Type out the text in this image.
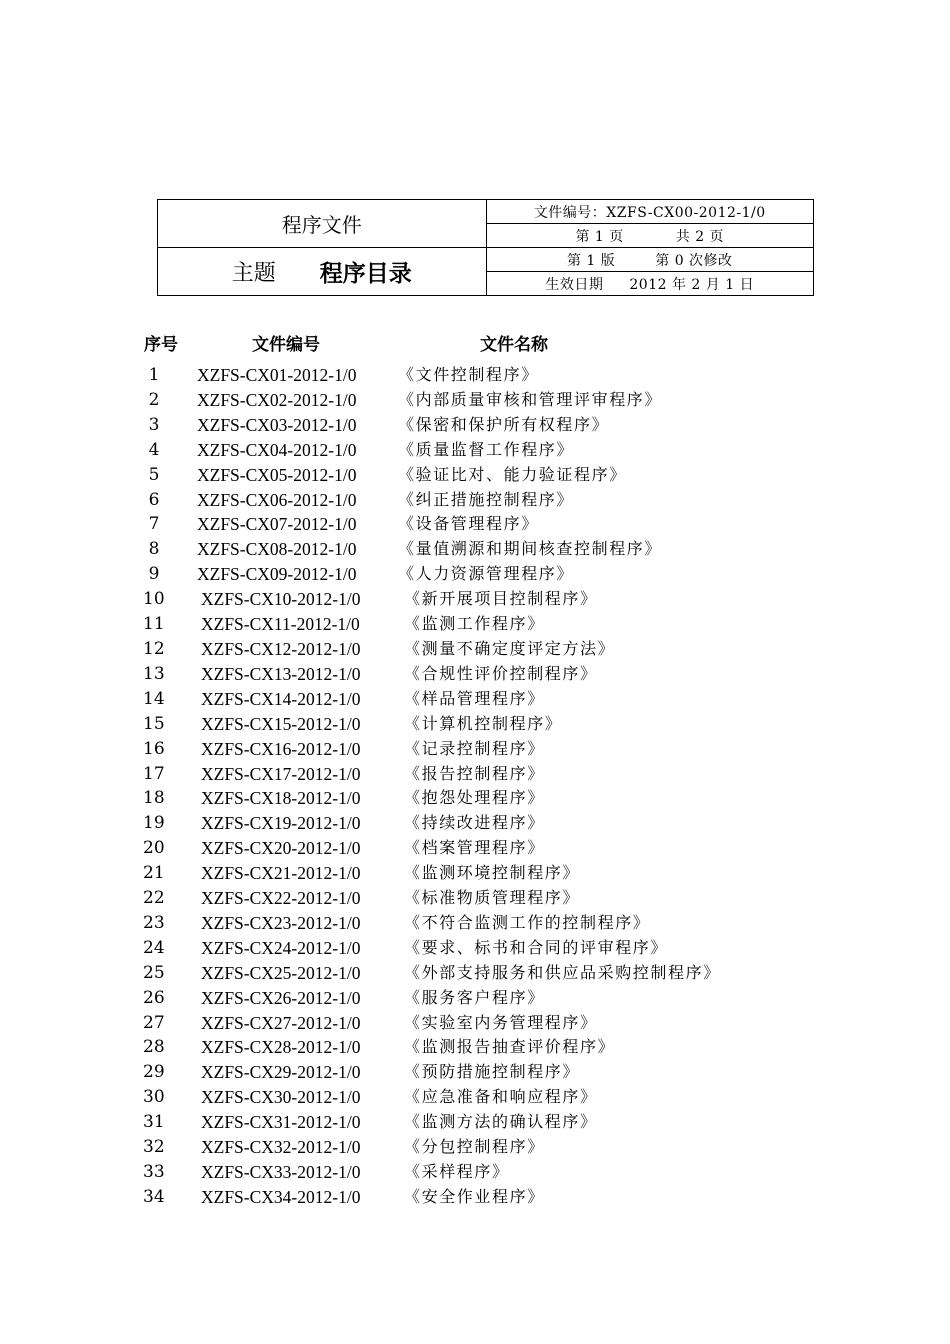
程序文件	文件编号：XZFS-CX00-2012-1/0

	第 1 页 共 2 页

主题 程序目录	第 1 版 第 0 次修改

	生效日期 2012 年 2 月 1 日
序号	文件编号	文件名称
1	XZFS-CX01-2012-1/0	《文件控制程序》
2	XZFS-CX02-2012-1/0	《内部质量审核和管理评审程序》
3	XZFS-CX03-2012-1/0	《保密和保护所有权程序》
4	XZFS-CX04-2012-1/0	《质量监督工作程序》
5	XZFS-CX05-2012-1/0	《验证比对、能力验证程序》
6	XZFS-CX06-2012-1/0	《纠正措施控制程序》
7	XZFS-CX07-2012-1/0	《设备管理程序》
8	XZFS-CX08-2012-1/0	《量值溯源和期间核查控制程序》
9	XZFS-CX09-2012-1/0	《人力资源管理程序》
10 XZFS-CX10-2012-1/0	《新开展项目控制程序》
11 XZFS-CX11-2012-1/0	《监测工作程序》
12 XZFS-CX12-2012-1/0	《测量不确定度评定方法》
13 XZFS-CX13-2012-1/0	《合规性评价控制程序》
14 XZFS-CX14-2012-1/0	《样品管理程序》
15 XZFS-CX15-2012-1/0	《计算机控制程序》
16 XZFS-CX16-2012-1/0	《记录控制程序》
17 XZFS-CX17-2012-1/0	《报告控制程序》
18 XZFS-CX18-2012-1/0	《抱怨处理程序》
19 XZFS-CX19-2012-1/0	《持续改进程序》
20 XZFS-CX20-2012-1/0	《档案管理程序》
21 XZFS-CX21-2012-1/0	《监测环境控制程序》
22 XZFS-CX22-2012-1/0	《标准物质管理程序》
23 XZFS-CX23-2012-1/0	《不符合监测工作的控制程序》
24 XZFS-CX24-2012-1/0	《要求、标书和合同的评审程序》
25 XZFS-CX25-2012-1/0	《外部支持服务和供应品采购控制程序》
26 XZFS-CX26-2012-1/0	《服务客户程序》
27 XZFS-CX27-2012-1/0	《实验室内务管理程序》
28 XZFS-CX28-2012-1/0	《监测报告抽查评价程序》
29 XZFS-CX29-2012-1/0	《预防措施控制程序》
30 XZFS-CX30-2012-1/0	《应急准备和响应程序》
31 XZFS-CX31-2012-1/0	《监测方法的确认程序》
32 XZFS-CX32-2012-1/0	《分包控制程序》
33 XZFS-CX33-2012-1/0	《采样程序》
34 XZFS-CX34-2012-1/0	《安全作业程序》
